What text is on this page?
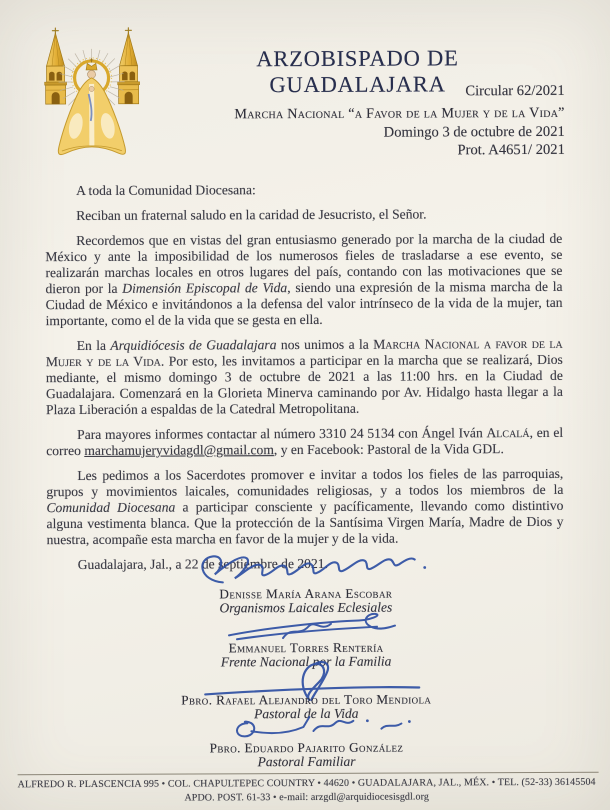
ARZOBISPADO DE GUADALAJARA	Circular 62/2021
Marcha Nacional “a Favor de la Mujer y de la Vida”
Domingo 3 de octubre de 2021
Prot. A4651/ 2021

A toda la Comunidad Diocesana:

Reciban un fraternal saludo en la caridad de Jesucristo, el Señor.

Recordemos que en vistas del gran entusiasmo generado por la marcha de la ciudad de México y ante la imposibilidad de los numerosos fieles de trasladarse a ese evento, se realizarán marchas locales en otros lugares del país, contando con las motivaciones que se dieron por la Dimensión Episcopal de Vida, siendo una expresión de la misma marcha de la Ciudad de México e invitándonos a la defensa del valor intrínseco de la vida de la mujer, tan importante, como el de la vida que se gesta en ella.

En la Arquidiócesis de Guadalajara nos unimos a la Marcha Nacional a favor de la Mujer y de la Vida. Por esto, les invitamos a participar en la marcha que se realizará, Dios mediante, el mismo domingo 3 de octubre de 2021 a las 11:00 hrs. en la Ciudad de Guadalajara. Comenzará en la Glorieta Minerva caminando por Av. Hidalgo hasta llegar a la Plaza Liberación a espaldas de la Catedral Metropolitana.

Para mayores informes contactar al número 3310 24 5134 con Ángel Iván Alcalá, en el correo marchamujeryvidagdl@gmail.com, y en Facebook: Pastoral de la Vida GDL.

Les pedimos a los Sacerdotes promover e invitar a todos los fieles de las parroquias, grupos y movimientos laicales, comunidades religiosas, y a todos los miembros de la Comunidad Diocesana a participar consciente y pacíficamente, llevando como distintivo alguna vestimenta blanca. Que la protección de la Santísima Virgen María, Madre de Dios y nuestra, acompañe esta marcha en favor de la mujer y de la vida.

Guadalajara, Jal., a 22 de septiembre de 2021.

Denisse María Arana Escobar
Organismos Laicales Eclesiales
Emmanuel Torres Rentería
Frente Nacional por la Familia
Pbro. Rafael Alejandro del Toro Mendiola
Pastoral de la Vida
Pbro. Eduardo Pajarito González
Pastoral Familiar
ALFREDO R. PLASCENCIA 995 • COL. CHAPULTEPEC COUNTRY • 44620 • GUADALAJARA, JAL., MÉX. • TEL. (52-33) 36145504
APDO. POST. 61-33 • e-mail: arzgdl@arquidiocesisgdl.org
